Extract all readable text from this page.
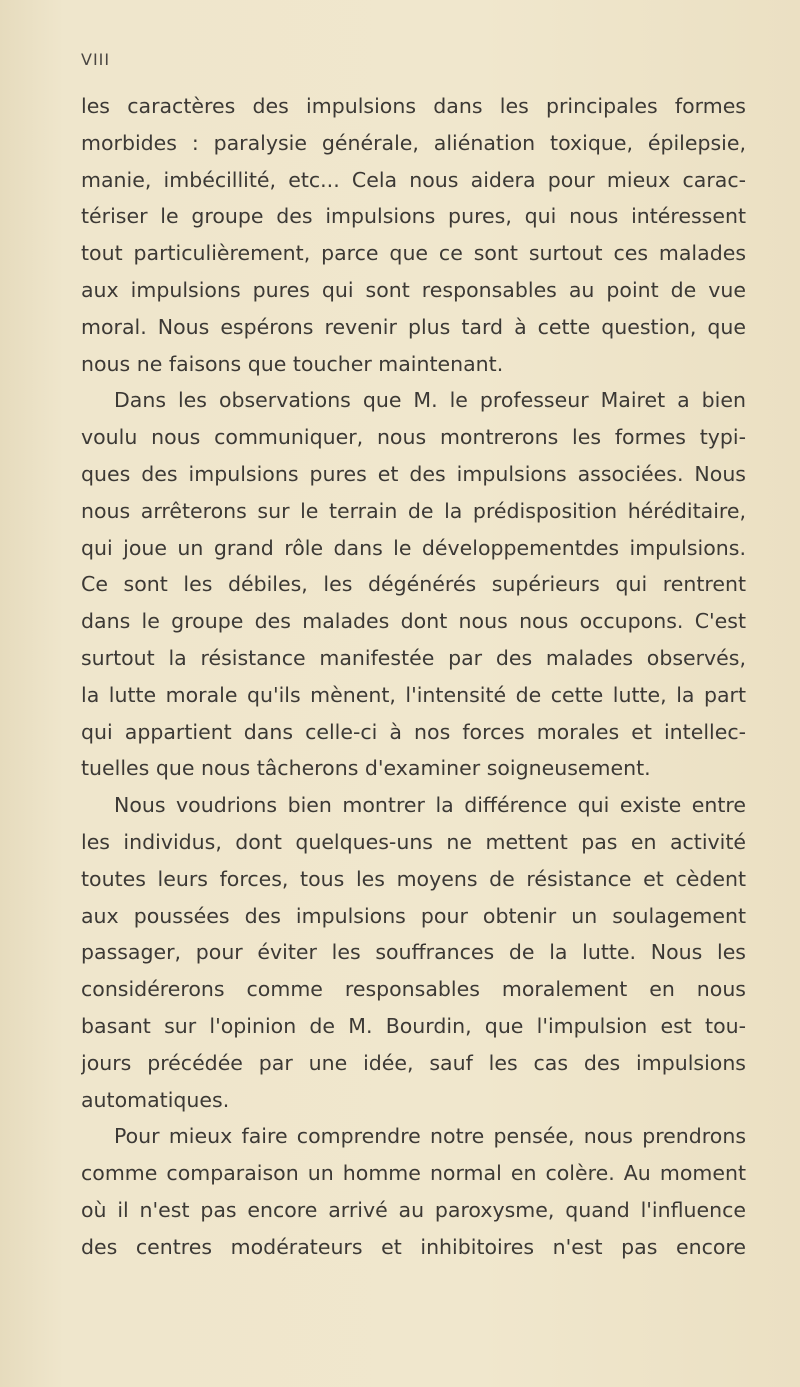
VIII
les caractères des impulsions dans les principales formes
morbides : paralysie générale, aliénation toxique, épilepsie,
manie, imbécillité, etc... Cela nous aidera pour mieux carac-
tériser le groupe des impulsions pures, qui nous intéressent
tout particulièrement, parce que ce sont surtout ces malades
aux impulsions pures qui sont responsables au point de vue
moral. Nous espérons revenir plus tard à cette question, que
nous ne faisons que toucher maintenant.
Dans les observations que M. le professeur Mairet a bien
voulu nous communiquer, nous montrerons les formes typi-
ques des impulsions pures et des impulsions associées. Nous
nous arrêterons sur le terrain de la prédisposition héréditaire,
qui joue un grand rôle dans le développementdes impulsions.
Ce sont les débiles, les dégénérés supérieurs qui rentrent
dans le groupe des malades dont nous nous occupons. C'est
surtout la résistance manifestée par des malades observés,
la lutte morale qu'ils mènent, l'intensité de cette lutte, la part
qui appartient dans celle-ci à nos forces morales et intellec-
tuelles que nous tâcherons d'examiner soigneusement.
Nous voudrions bien montrer la différence qui existe entre
les individus, dont quelques-uns ne mettent pas en activité
toutes leurs forces, tous les moyens de résistance et cèdent
aux poussées des impulsions pour obtenir un soulagement
passager, pour éviter les souffrances de la lutte. Nous les
considérerons comme responsables moralement en nous
basant sur l'opinion de M. Bourdin, que l'impulsion est tou-
jours précédée par une idée, sauf les cas des impulsions
automatiques.
Pour mieux faire comprendre notre pensée, nous prendrons
comme comparaison un homme normal en colère. Au moment
où il n'est pas encore arrivé au paroxysme, quand l'influence
des centres modérateurs et inhibitoires n'est pas encore
